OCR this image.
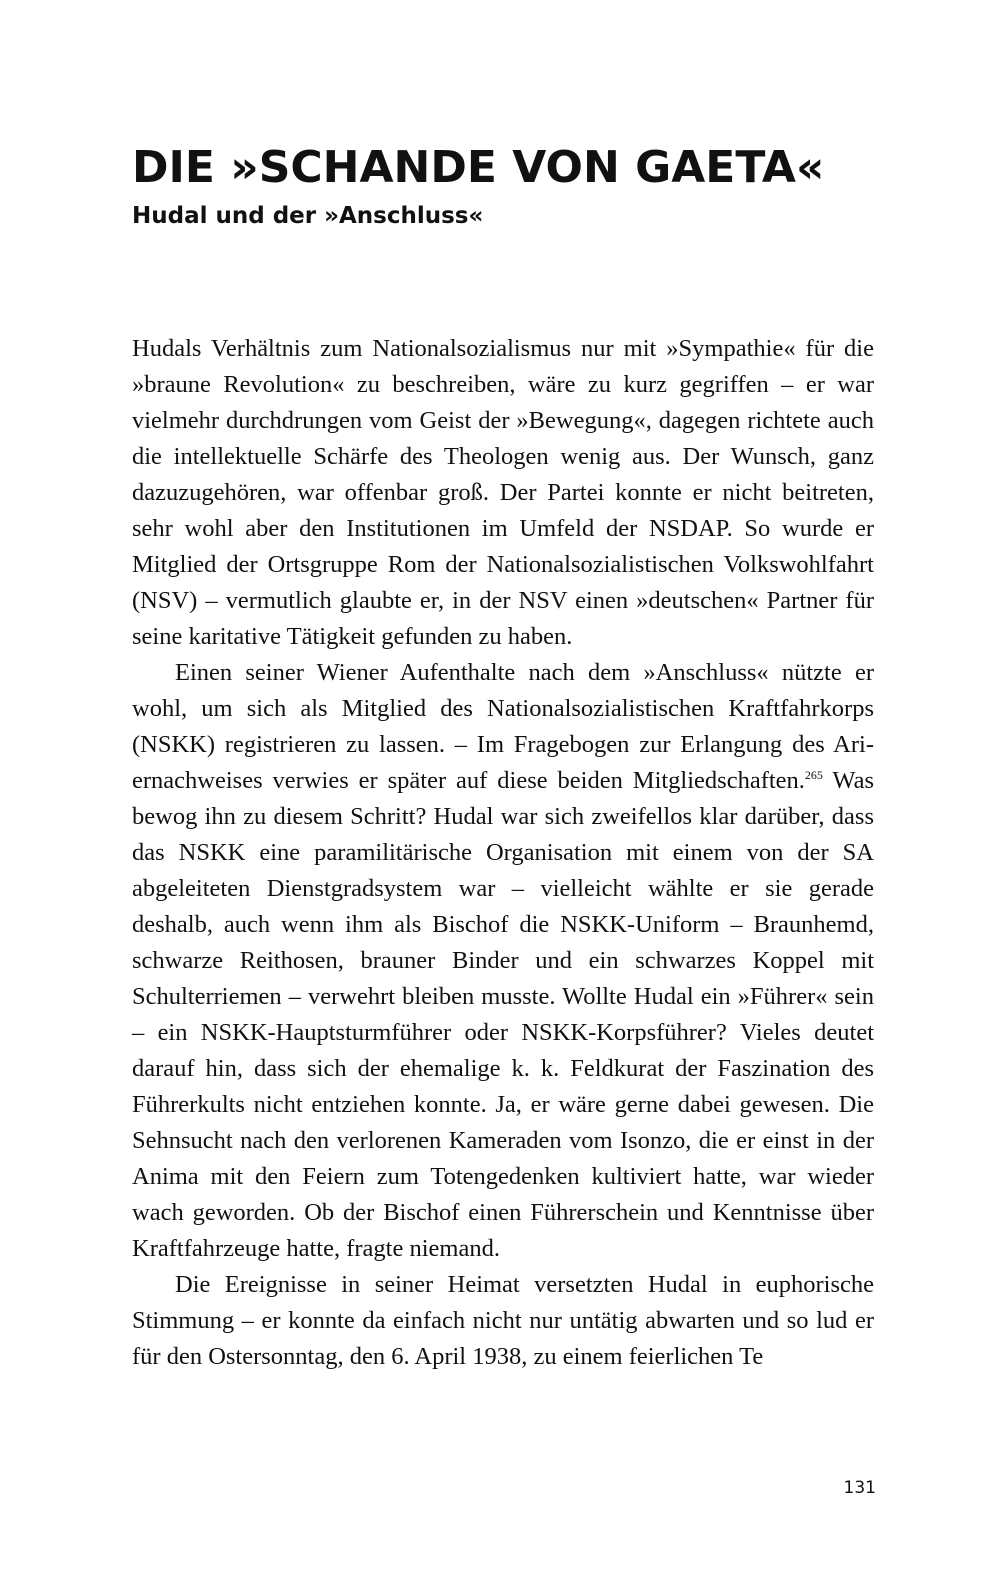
DIE »SCHANDE VON GAETA«
Hudal und der »Anschluss«

Hudals Verhältnis zum Nationalsozialismus nur mit »Sympathie« für die »braune Revolution« zu beschreiben, wäre zu kurz gegriffen – er war vielmehr durchdrungen vom Geist der »Bewegung«, dagegen richtete auch die intellektuelle Schärfe des Theologen wenig aus. Der Wunsch, ganz dazuzugehören, war offenbar groß. Der Partei konnte er nicht beitreten, sehr wohl aber den Institutionen im Umfeld der NSDAP. So wurde er Mitglied der Ortsgruppe Rom der Nationalsozialistischen Volkswohlfahrt (NSV) – vermutlich glaubte er, in der NSV einen »deutschen« Partner für seine karitative Tätigkeit gefunden zu haben.

Einen seiner Wiener Aufenthalte nach dem »Anschluss« nützte er wohl, um sich als Mitglied des Nationalsozialistischen Kraftfahrkorps (NSKK) registrieren zu lassen. – Im Fragebogen zur Erlangung des Ariernachweises verwies er später auf diese beiden Mitgliedschaften.$^{265}$ Was bewog ihn zu diesem Schritt? Hudal war sich zweifellos klar darüber, dass das NSKK eine paramilitärische Organisation mit einem von der SA abgeleiteten Dienstgradsystem war – vielleicht wählte er sie gerade deshalb, auch wenn ihm als Bischof die NSKK-Uniform – Braunhemd, schwarze Reithosen, brauner Binder und ein schwarzes Koppel mit Schulterriemen – verwehrt bleiben musste. Wollte Hudal ein »Führer« sein – ein NSKK-Hauptsturmführer oder NSKK-Korpsführer? Vieles deutet darauf hin, dass sich der ehemalige k. k. Feldkurat der Faszination des Führerkults nicht entziehen konnte. Ja, er wäre gerne dabei gewesen. Die Sehnsucht nach den verlorenen Kameraden vom Isonzo, die er einst in der Anima mit den Feiern zum Totengedenken kultiviert hatte, war wieder wach geworden. Ob der Bischof einen Führerschein und Kenntnisse über Kraftfahrzeuge hatte, fragte niemand.

Die Ereignisse in seiner Heimat versetzten Hudal in euphorische Stimmung – er konnte da einfach nicht nur untätig abwarten und so lud er für den Ostersonntag, den 6. April 1938, zu einem feierlichen Te

131
